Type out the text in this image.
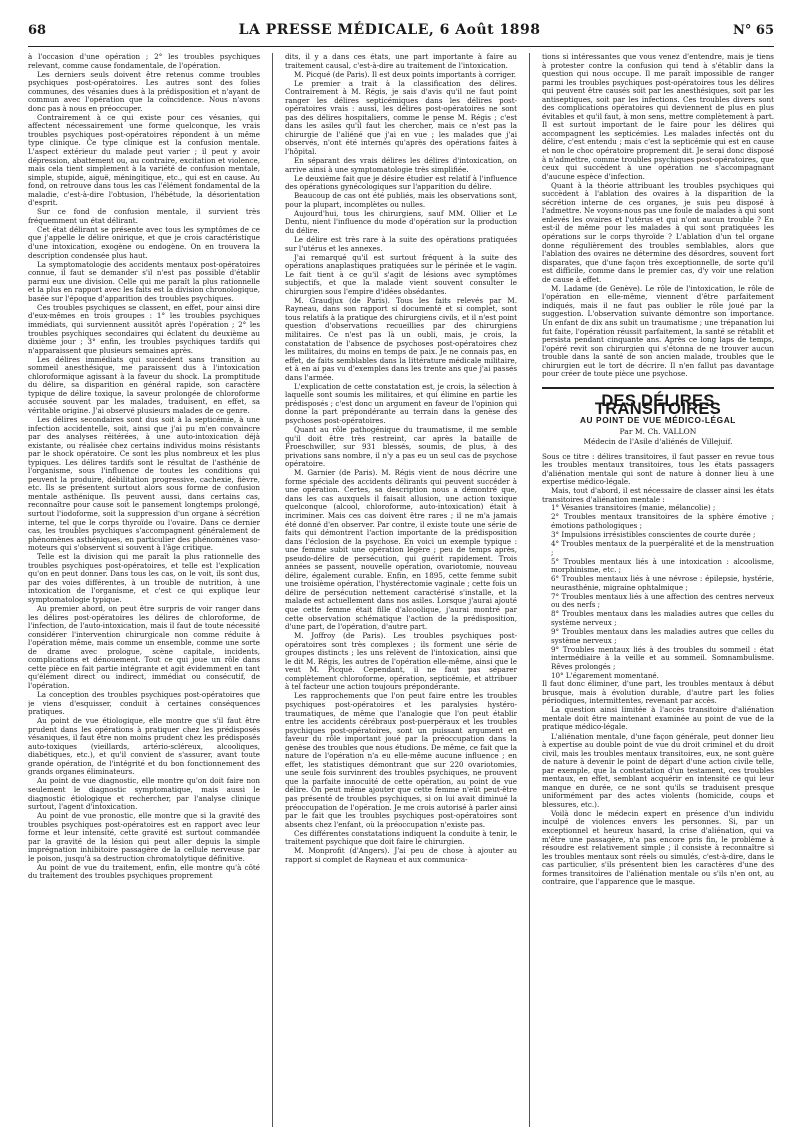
68	LA PRESSE MÉDICALE, 6 Août 1898	N° 65

à l'occasion d'une opération ; 2° les troubles psychiques relevant, comme cause fondamentale, de l'opération.

Les derniers seuls doivent être retenus comme troubles psychiques post-opératoires. Les autres sont des folies communes, des vésanies dues à la prédisposition et n'ayant de commun avec l'opération que la coïncidence. Nous n'avons donc pas à nous en préoccuper.

Contrairement à ce qui existe pour ces vésanies, qui affectent nécessairement une forme quelconque, les vrais troubles psychiques post-opératoires répondent à un même type clinique. Ce type clinique est la confusion mentale. L'aspect extérieur du malade peut varier ; il peut y avoir dépression, abattement ou, au contraire, excitation et violence, mais cela tient simplement à la variété de confusion mentale, simple, stupide, aiguë, méningitique, etc., qui est en cause. Au fond, on retrouve dans tous les cas l'élément fondamental de la maladie, c'est-à-dire l'obtusion, l'hébétude, la désorientation d'esprit.

Sur ce fond de confusion mentale, il survient très fréquemment un état délirant.

Cet état délirant se présente avec tous les symptômes de ce que j'appelle le délire onirique, et que je crois caractéristique d'une intoxication, exogène ou endogène. On en trouvera la description condensée plus haut.

La symptomatologie des accidents mentaux post-opératoires connue, il faut se demander s'il n'est pas possible d'établir parmi eux une division. Celle qui me paraît la plus rationnelle et la plus en rapport avec les faits est la division chronologique, basée sur l'époque d'apparition des troubles psychiques.

Ces troubles psychiques se classent, en effet, pour ainsi dire d'eux-mêmes en trois groupes : 1° les troubles psychiques immédiats, qui surviennent aussitôt après l'opération ; 2° les troubles psychiques secondaires qui éclatent du deuxième au dixième jour ; 3° enfin, les troubles psychiques tardifs qui n'apparaissent que plusieurs semaines après.

Les délires immédiats qui succèdent sans transition au sommeil anesthésique, me paraissent dus à l'intoxication chloroformique agissant à la faveur du shock. La promptitude du délire, sa disparition en général rapide, son caractère typique de délire toxique, la saveur prolongée de chloroforme accusée souvent par les malades, traduisent, en effet, sa véritable origine. J'ai observé plusieurs malades de ce genre.

Les délires secondaires sont dus soit à la septicémie, à une infection accidentelle, soit, ainsi que j'ai pu m'en convaincre par des analyses réitérées, à une auto-intoxication déjà existante, ou réalisée chez certains individus moins résistants par le shock opératoire. Ce sont les plus nombreux et les plus typiques. Les délires tardifs sont le résultat de l'asthénie de l'organisme, sous l'influence de toutes les conditions qui peuvent la produire, débilitation progressive, cachexie, fièvre, etc. Ils se présentent surtout alors sous forme de confusion mentale asthénique. Ils peuvent aussi, dans certains cas, reconnaître pour cause soit le pansement longtemps prolongé, surtout l'iodoforme, soit la suppression d'un organe à sécrétion interne, tel que le corps thyroïde ou l'ovaire. Dans ce dernier cas, les troubles psychiques s'accompagnent généralement de phénomènes asthéniques, en particulier des phénomènes vaso-moteurs qui s'observent si souvent à l'âge critique.

Telle est la division qui me paraît la plus rationnelle des troubles psychiques post-opératoires, et telle est l'explication qu'on en peut donner. Dans tous les cas, on le voit, ils sont dus, par des voies différentes, à un trouble de nutrition, à une intoxication de l'organisme, et c'est ce qui explique leur symptomatologie typique.

Au premier abord, on peut être surpris de voir ranger dans les délires post-opératoires les délires de chloroforme, de l'infection, de l'auto-intoxication, mais il faut de toute nécessité considérer l'intervention chirurgicale non comme réduite à l'opération même, mais comme un ensemble, comme une sorte de drame avec prologue, scène capitale, incidents, complications et dénouement. Tout ce qui joue un rôle dans cette pièce en fait partie intégrante et agit évidemment en tant qu'élément direct ou indirect, immédiat ou consécutif, de l'opération.

La conception des troubles psychiques post-opératoires que je viens d'esquisser, conduit à certaines conséquences pratiques.

Au point de vue étiologique, elle montre que s'il faut être prudent dans les opérations à pratiquer chez les prédisposés vésaniques, il faut être non moins prudent chez les prédisposés auto-toxiques (vieillards, artério-scléreux, alcooliques, diabétiques, etc.), et qu'il convient de s'assurer, avant toute grande opération, de l'intégrité et du bon fonctionnement des grands organes éliminateurs.

Au point de vue diagnostic, elle montre qu'on doit faire non seulement le diagnostic symptomatique, mais aussi le diagnostic étiologique et rechercher, par l'analyse clinique surtout, l'agent d'intoxication.

Au point de vue pronostic, elle montre que si la gravité des troubles psychiques post-opératoires est en rapport avec leur forme et leur intensité, cette gravité est surtout commandée par la gravité de la lésion qui peut aller depuis la simple imprégnation inhibitoire passagère de la cellule nerveuse par le poison, jusqu'à sa destruction chromatolytique définitive.

Au point de vue du traitement, enfin, elle montre qu'à côté du traitement des troubles psychiques proprement

dits, il y a dans ces états, une part importante à faire au traitement causal, c'est-à-dire au traitement de l'intoxication.

M. Picqué (de Paris). Il est deux points importants à corriger.

Le premier a trait à la classification des délires. Contrairement à M. Régis, je sais d'avis qu'il ne faut point ranger les délires septicémiques dans les délires post-opératoires vrais : aussi, les délires post-opératoires ne sont pas des délires hospitaliers, comme le pense M. Régis ; c'est dans les asiles qu'il faut les chercher, mais ce n'est pas la chirurgie de l'aliéné que j'ai en vue ; les malades que j'ai observés, n'ont été internés qu'après des opérations faites à l'hôpital.

En séparant des vrais délires les délires d'intoxication, on arrive ainsi à une symptomatologie très simplifiée.

Le deuxième fait que je désire étudier est relatif à l'influence des opérations gynécologiques sur l'apparition du délire.

Beaucoup de cas ont été publiés, mais les observations sont, pour la plupart, incomplètes ou nulles.

Aujourd'hui, tous les chirurgiens, sauf MM. Ollier et Le Dentu, nient l'influence du mode d'opération sur la production du délire.

Le délire est très rare à la suite des opérations pratiquées sur l'utérus et les annexes.

J'ai remarqué qu'il est surtout fréquent à la suite des opérations anaplastiques pratiquées sur le périnée et le vagin. Le fait tient à ce qu'il s'agit de lésions avec symptômes subjectifs, et que la malade vient souvent consulter le chirurgien sous l'empire d'idées obsédantes.

M. Graudjux (de Paris). Tous les faits relevés par M. Rayneau, dans son rapport si documenté et si complet, sont tous relatifs à la pratique des chirurgiens civils, et il n'est point question d'observations recueillies par des chirurgiens militaires. Ce n'est pas là un oubli, mais, je crois, la constatation de l'absence de psychoses post-opératoires chez les militaires, du moins en temps de paix. Je ne connais pas, en effet, de faits semblables dans la littérature médicale militaire, et à en ai pas vu d'exemples dans les trente ans que j'ai passés dans l'armée.

L'explication de cette constatation est, je crois, la sélection à laquelle sont soumis les militaires, et qui élimine en partie les prédisposés ; c'est donc un argument en faveur de l'opinion qui donne la part prépondérante au terrain dans la genèse des psychoses post-opératoires.

Quant au rôle pathogénique du traumatisme, il me semble qu'il doit être très restreint, car après la bataille de Froeschwiller, sur 931 blessés, soumis, de plus, à des privations sans nombre, il n'y a pas eu un seul cas de psychose opératoire.

M. Garnier (de Paris). M. Régis vient de nous décrire une forme spéciale des accidents délirants qui peuvent succéder à une opération. Certes, sa description nous a démontré que, dans les cas auxquels il faisait allusion, une action toxique quelconque (alcool, chloroforme, auto-intoxication) était à incriminer. Mais ces cas doivent être rares ; il ne m'a jamais été donné d'en observer. Par contre, il existe toute une série de faits qui démontrent l'action importante de la prédisposition dans l'éclosion de la psychose. En voici un exemple typique : une femme subit une opération légère ; peu de temps après, pseudo-délire de persécution, qui guérit rapidement. Trois années se passent, nouvelle opération, ovariotomie, nouveau délire, également curable. Enfin, en 1895, cette femme subit une troisième opération, l'hystérectomie vaginale ; cette fois un délire de persécution nettement caractérisé s'installe, et la malade est actuellement dans nos asiles. Lorsque j'aurai ajouté que cette femme était fille d'alcoolique, j'aurai montré par cette observation schématique l'action de la prédisposition, d'une part, de l'opération, d'autre part.

M. Joffroy (de Paris). Les troubles psychiques post-opératoires sont très complexes ; ils forment une série de groupes distincts ; les uns relèvent de l'intoxication, ainsi que le dit M. Régis, les autres de l'opération elle-même, ainsi que le veut M. Picqué. Cependant, il ne faut pas séparer complètement chloroforme, opération, septicémie, et attribuer à tel facteur une action toujours prépondérante.

Les rapprochements que l'on peut faire entre les troubles psychiques post-opératoires et les paralysies hystéro-traumatiques, de même que l'analogie que l'on peut établir entre les accidents cérébraux post-puerpéraux et les troubles psychiques post-opératoires, sont un puissant argument en faveur du rôle important joué par la préoccupation dans la genèse des troubles que nous étudions. De même, ce fait que la nature de l'opération n'a eu elle-même aucune influence ; en effet, les statistiques démontrant que sur 220 ovariotomies, une seule fois survinrent des troubles psychiques, ne prouvent que la parfaite innocuité de cette opération, au point de vue délire. On peut même ajouter que cette femme n'eût peut-être pas présenté de troubles psychiques, si on lui avait diminué la préoccupation de l'opération. Je me crois autorisé à parler ainsi par le fait que les troubles psychiques post-opératoires sont absents chez l'enfant, où la préoccupation n'existe pas.

Ces différentes constatations indiquent la conduite à tenir, le traitement psychique que doit faire le chirurgien.

M. Monprofit (d'Angers). J'ai peu de chose à ajouter au rapport si complet de Rayneau et aux communica-

tions si intéressantes que vous venez d'entendre, mais je tiens à protester contre la confusion qui tend à s'établir dans la question qui nous occupe. Il me paraît impossible de ranger parmi les troubles psychiques post-opératoires tous les délires qui peuvent être causés soit par les anesthésiques, soit par les antiseptiques, soit par les infections. Ces troubles divers sont des complications opératoires qui deviennent de plus en plus évitables et qu'il faut, à mon sens, mettre complètement à part. Il est surtout important de le faire pour les délires qui accompagnent les septicémies. Les malades infectés ont du délire, c'est entendu ; mais c'est la septicémie qui est en cause et non le choc opératoire proprement dit. Je serai donc disposé à n'admettre, comme troubles psychiques post-opératoires, que ceux qui succèdent à une opération ne s'accompagnant d'aucune espèce d'infection.

Quant à la théorie attribuant les troubles psychiques qui succèdent à l'ablation des ovaires à la disparition de la sécrétion interne de ces organes, je suis peu disposé à l'admettre. Ne voyons-nous pas une foule de malades à qui sont enlevés les ovaires et l'utérus et qui n'ont aucun trouble ? En est-il de même pour les malades à qui sont pratiquées les opérations sur le corps thyroïde ? L'ablation d'un tel organe donne régulièrement des troubles semblables, alors que l'ablation des ovaires ne détermine des désordres, souvent fort disparates, que d'une façon très exceptionnelle, de sorte qu'il est difficile, comme dans le premier cas, d'y voir une relation de cause à effet.

M. Ladame (de Genève). Le rôle de l'intoxication, le rôle de l'opération en elle-même, viennent d'être parfaitement indiqués, mais il ne faut pas oublier le rôle joué par la suggestion. L'observation suivante démontre son importance. Un enfant de dix ans subit un traumatisme ; une trépanation lui fut faite, l'opération réussit parfaitement, la santé se rétablit et persista pendant cinquante ans. Après ce long laps de temps, l'opéré revit son chirurgien qui s'étonna de ne trouver aucun trouble dans la santé de son ancien malade, troubles que le chirurgien eut le tort de décrire. Il n'en fallut pas davantage pour créer de toute pièce une psychose.

DES DÉLIRES TRANSITOIRES
AU POINT DE VUE MÉDICO-LÉGAL
Par M. Ch. VALLON
Médecin de l'Asile d'aliénés de Villejuif.

Sous ce titre : délires transitoires, il faut passer en revue tous les troubles mentaux transitoires, tous les états passagers d'aliénation mentale qui sont de nature à donner lieu à une expertise médico-légale.

Mais, tout d'abord, il est nécessaire de classer ainsi les états transitoires d'aliénation mentale :

1° Vésanies transitoires (manie, mélancolie) ;

2° Troubles mentaux transitoires de la sphère émotive ; émotions pathologiques ;

3° Impulsions irrésistibles conscientes de courte durée ;

4° Troubles mentaux de la puerpéralité et de la menstruation ;

5° Troubles mentaux liés à une intoxication : alcoolisme, morphinisme, etc. ;

6° Troubles mentaux liés à une névrose : épilepsie, hystérie, neurasthénie, migraine ophtalmique ;

7° Troubles mentaux liés à une affection des centres nerveux ou des nerfs ;

8° Troubles mentaux dans les maladies autres que celles du système nerveux ;

9° Troubles mentaux dans les maladies autres que celles du système nerveux ;

9° Troubles mentaux liés à des troubles du sommeil : état intermédiaire à la veille et au sommeil. Somnambulisme. Rêves prolongés ;

10° L'égarement momentané.

Il faut donc éliminer, d'une part, les troubles mentaux à début brusque, mais à évolution durable, d'autre part les folies périodiques, intermittentes, revenant par accès.

La question ainsi limitée à l'accès transitoire d'aliénation mentale doit être maintenant examinée au point de vue de la pratique médico-légale.

L'aliénation mentale, d'une façon générale, peut donner lieu à expertise au double point de vue du droit criminel et du droit civil, mais les troubles mentaux transitoires, eux, ne sont guère de nature à devenir le point de départ d'une action civile telle, par exemple, que la contestation d'un testament, ces troubles mentaux, en effet, semblant acquérir en intensité ce qui leur manque en durée, ce ne sont qu'ils se traduisent presque uniformément par des actes violents (homicide, coups et blessures, etc.).

Voilà donc le médecin expert en présence d'un individu inculpé de violences envers les personnes. Si, par un exceptionnel et heureux hasard, la crise d'aliénation, qui va m'être une passagère, n'a pas encore pris fin, le problème à résoudre est relativement simple ; il consiste à reconnaître si les troubles mentaux sont réels ou simulés, c'est-à-dire, dans le cas particulier, s'ils présentent bien les caractères d'une des formes transitoires de l'aliénation mentale ou s'ils n'en ont, au contraire, que l'apparence que le masque.
